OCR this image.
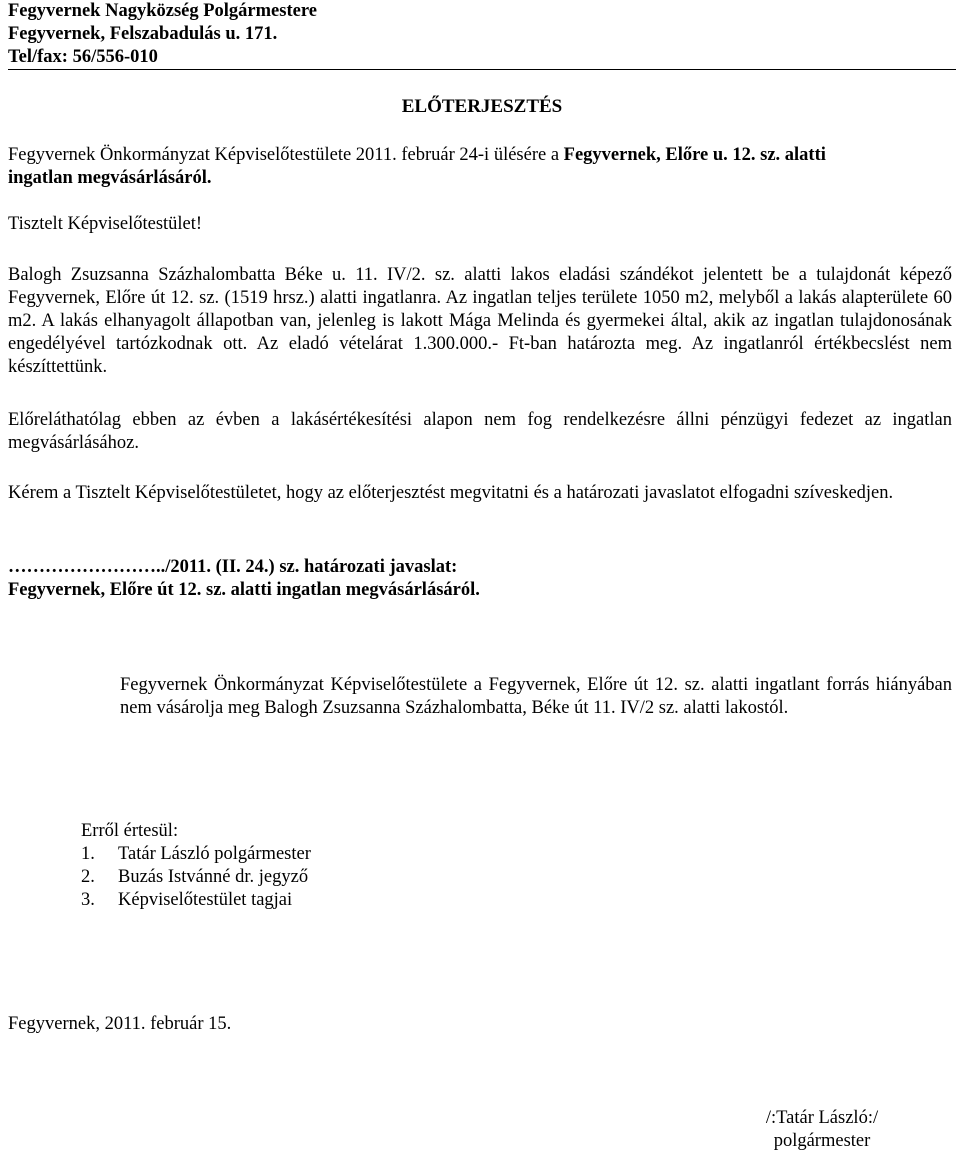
Fegyvernek Nagyközség Polgármestere
Fegyvernek, Felszabadulás u. 171.
Tel/fax: 56/556-010
ELŐTERJESZTÉS
Fegyvernek Önkormányzat Képviselőtestülete 2011. február 24-i ülésére a Fegyvernek, Előre u. 12. sz. alatti
ingatlan megvásárlásáról.
Tisztelt Képviselőtestület!
Balogh Zsuzsanna Százhalombatta Béke u. 11. IV/2. sz. alatti lakos eladási szándékot jelentett be a tulajdonát képező Fegyvernek, Előre út 12. sz. (1519 hrsz.) alatti ingatlanra. Az ingatlan teljes területe 1050 m2, melyből a lakás alapterülete 60 m2. A lakás elhanyagolt állapotban van, jelenleg is lakott Mága Melinda és gyermekei által, akik az ingatlan tulajdonosának engedélyével tartózkodnak ott. Az eladó vételárat 1.300.000.- Ft-ban határozta meg. Az ingatlanról értékbecslést nem készíttettünk.
Előreláthatólag ebben az évben a lakásértékesítési alapon nem fog rendelkezésre állni pénzügyi fedezet az ingatlan megvásárlásához.
Kérem a Tisztelt Képviselőtestületet, hogy az előterjesztést megvitatni és a határozati javaslatot elfogadni szíveskedjen.
……………………../2011. (II. 24.) sz. határozati javaslat:
Fegyvernek, Előre út 12. sz. alatti ingatlan megvásárlásáról.
Fegyvernek Önkormányzat Képviselőtestülete a Fegyvernek, Előre út 12. sz. alatti ingatlant forrás hiányában nem vásárolja meg Balogh Zsuzsanna Százhalombatta, Béke út 11. IV/2 sz. alatti lakostól.
Erről értesül:
1.	Tatár László polgármester
2.	Buzás Istvánné dr. jegyző
3.	Képviselőtestület tagjai
Fegyvernek, 2011. február 15.
/:Tatár László:/
polgármester
